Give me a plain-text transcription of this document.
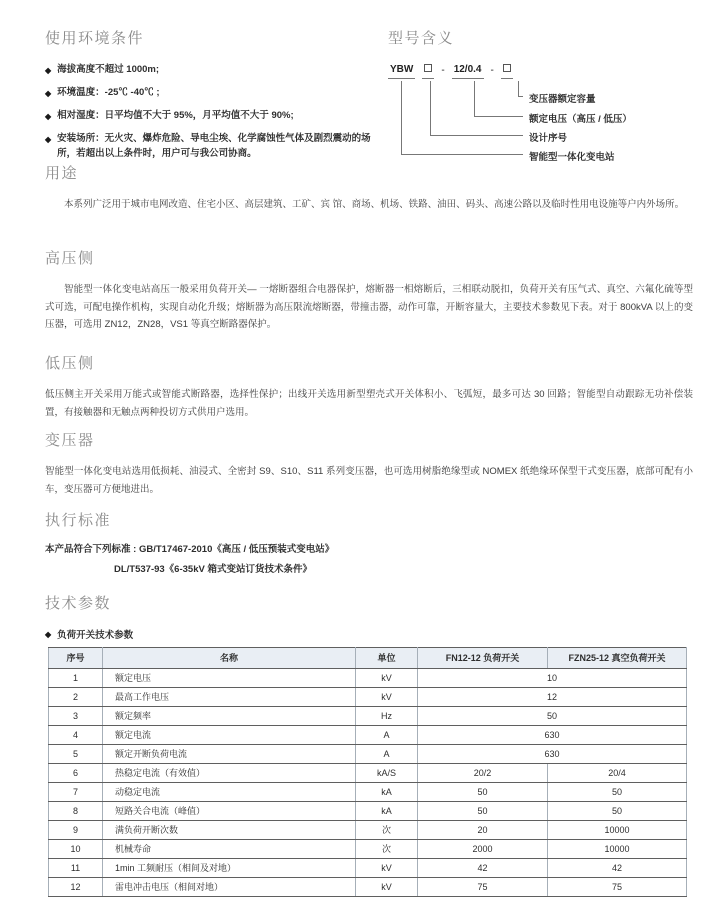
使用环境条件
◆ 海拔高度不超过 1000m;
◆ 环境温度：-25℃ -40℃ ;
◆ 相对湿度：日平均值不大于 95%，月平均值不大于 90%;
◆ 安装场所：无火灾、爆炸危险、导电尘埃、化学腐蚀性气体及剧烈震动的场所，若超出以上条件时，用户可与我公司协商。
型号含义
YBW	- 12/0.4 -
变压器额定容量
额定电压（高压 / 低压）
设计序号
智能型一体化变电站
用途

本系列广泛用于城市电网改造、住宅小区、高层建筑、工矿、宾 馆、商场、机场、铁路、油田、码头、高速公路以及临时性用电设施等户内外场所。

高压侧

智能型一体化变电站高压一般采用负荷开关— 一熔断器组合电器保护，熔断器一相熔断后，三相联动脱扣，负荷开关有压气式、真空、六氟化硫等型式可选，可配电操作机构，实现自动化升级；熔断器为高压限流熔断器，带撞击器，动作可靠，开断容量大，主要技术参数见下表。对于 800kVA 以上的变压器，可选用 ZN12，ZN28，VS1 等真空断路器保护。

低压侧

低压侧主开关采用万能式或智能式断路器，选择性保护；出线开关选用新型塑壳式开关体积小、飞弧短，最多可达 30 回路；智能型自动跟踪无功补偿装置，有接触器和无触点两种投切方式供用户选用。

变压器

智能型一体化变电站选用低损耗、油浸式、全密封 S9、S10、S11 系列变压器，也可选用树脂绝缘型或 NOMEX 纸绝缘环保型干式变压器，底部可配有小车，变压器可方便地进出。

执行标准

本产品符合下列标准 : GB/T17467-2010《高压 / 低压预装式变电站》

DL/T537-93《6-35kV 箱式变站订货技术条件》

技术参数
◆ 负荷开关技术参数
序号	名称	单位	FN12-12 负荷开关	FZN25-12 真空负荷开关
1	额定电压	kV	10	
2	最高工作电压	kV	12	
3	额定频率	Hz	50	
4	额定电流	A	630	
5	额定开断负荷电流	A	630	
6	热稳定电流（有效值）	kA/S	20/2	20/4
7	动稳定电流	kA	50	50
8	短路关合电流（峰值）	kA	50	50
9	满负荷开断次数	次	20	10000
10	机械寿命	次	2000	10000
11	1min 工频耐压（相间及对地）	kV	42	42
12	雷电冲击电压（相间对地）	kV	75	75
